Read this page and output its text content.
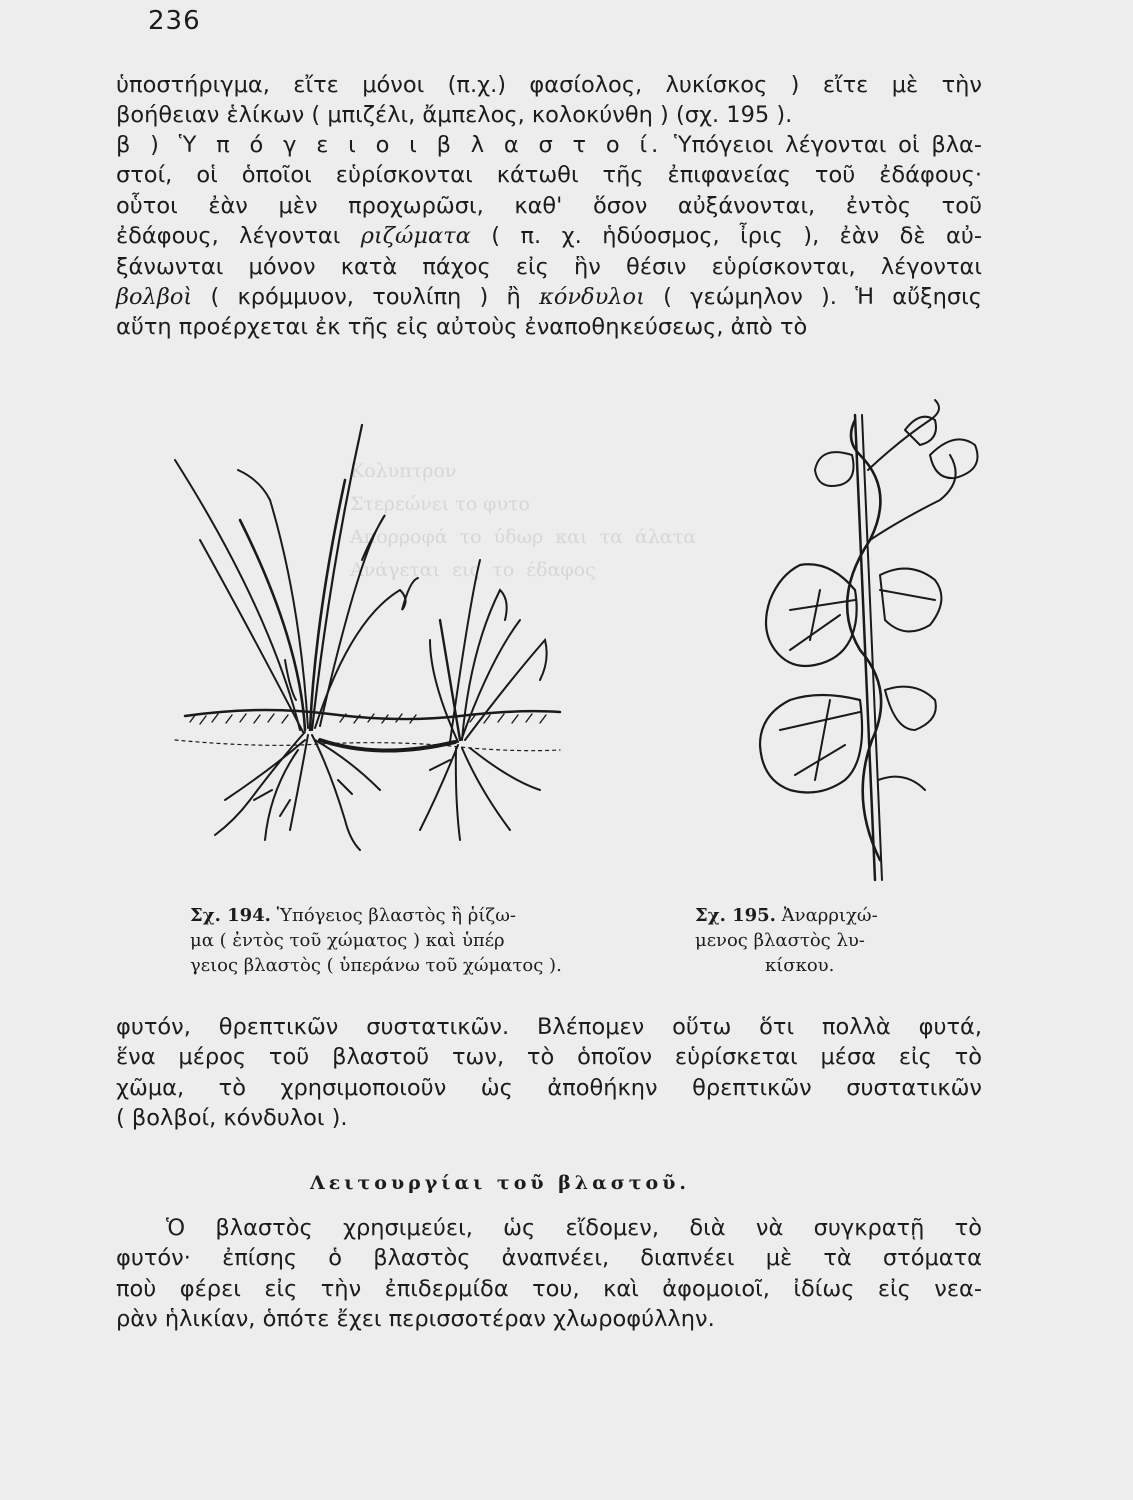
Κολυπτρον
Στερεώνει το φυτο
Απορροφά  το  ύδωρ  και  τα  άλατα
Ανάγεται  εις  το  έδαφος
236
ὑποστήριγμα, εἴτε μόνοι (π.χ.) φασίολος, λυκίσκος ) εἴτε μὲ τὴν
βοήθειαν ἑλίκων ( μπιζέλι, ἄμπελος, κολοκύνθη ) (σχ. 195 ).
β ) Ὑ π ό γ ε ι ο ι β λ α σ τ ο ί. Ὑπόγειοι λέγονται οἱ βλα-
στοί, οἱ ὁποῖοι εὑρίσκονται κάτωθι τῆς ἐπιφανείας τοῦ ἐδάφους·
οὗτοι ἐὰν μὲν προχωρῶσι, καθ' ὅσον αὐξάνονται, ἐντὸς τοῦ
ἐδάφους, λέγονται ριζώματα ( π. χ. ἡδύοσμος, ἶρις ), ἐὰν δὲ αὐ-
ξάνωνται μόνον κατὰ πάχος εἰς ἣν θέσιν εὑρίσκονται, λέγονται
βολβοὶ ( κρόμμυον, τουλίπη ) ἢ κόνδυλοι ( γεώμηλον ). Ἡ αὔξησις
αὕτη προέρχεται ἐκ τῆς εἰς αὐτοὺς ἐναποθηκεύσεως, ἀπὸ τὸ
Σχ. 194. Ὑπόγειος βλαστὸς ἢ ῥίζω-
μα ( ἐντὸς τοῦ χώματος ) καὶ ὑπέρ
γειος βλαστὸς ( ὑπεράνω τοῦ χώματος ).
Σχ. 195. Ἀναρριχώ-
μενος βλαστὸς λυ-
κίσκου.
φυτόν, θρεπτικῶν συστατικῶν. Βλέπομεν οὕτω ὅτι πολλὰ φυτά,
ἕνα μέρος τοῦ βλαστοῦ των, τὸ ὁποῖον εὑρίσκεται μέσα εἰς τὸ
χῶμα, τὸ χρησιμοποιοῦν ὡς ἀποθήκην θρεπτικῶν συστατικῶν
( βολβοί, κόνδυλοι ).
Λειτουργίαι τοῦ βλαστοῦ.
Ὁ βλαστὸς χρησιμεύει, ὡς εἴδομεν, διὰ νὰ συγκρατῇ τὸ
φυτόν· ἐπίσης ὁ βλαστὸς ἀναπνέει, διαπνέει μὲ τὰ στόματα
ποὺ φέρει εἰς τὴν ἐπιδερμίδα του, καὶ ἀφομοιοῖ, ἰδίως εἰς νεα-
ρὰν ἡλικίαν, ὁπότε ἔχει περισσοτέραν χλωροφύλλην.
